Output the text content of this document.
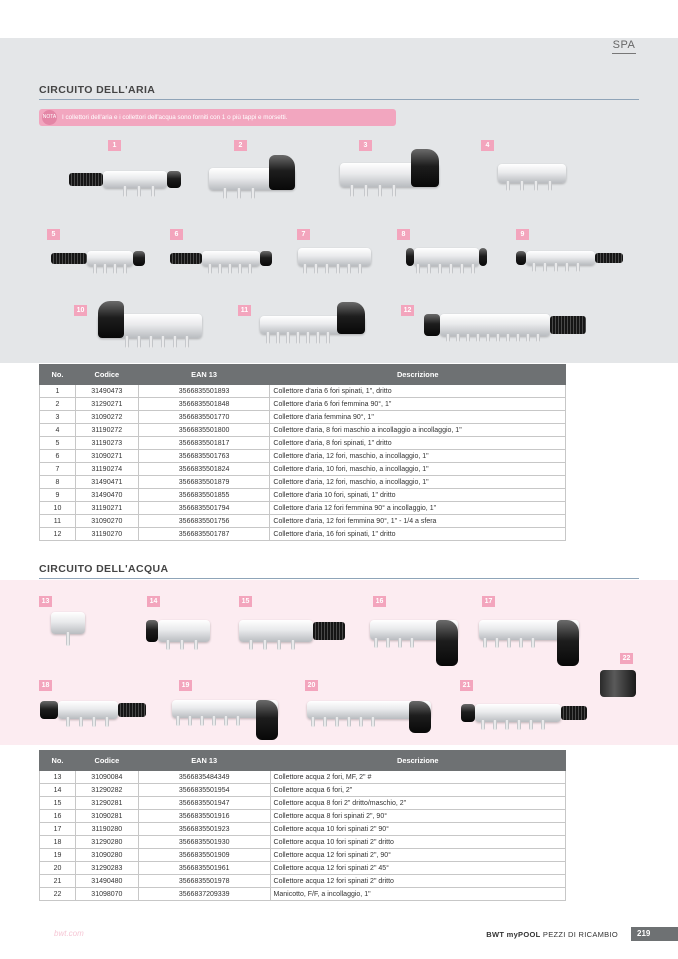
SPA
CIRCUITO DELL'ARIA
NOTA I collettori dell'aria e i collettori dell'acqua sono forniti con 1 o più tappi e morsetti.
1	2	3	4
5	6	7	8	9
10	11	12
No.	Codice	EAN 13	Descrizione
1	31490473	3566835501893	Collettore d'aria 6 fori spinati, 1", dritto
2	31290271	3566835501848	Collettore d'aria 6 fori femmina 90°, 1"
3	31090272	3566835501770	Collettore d'aria femmina 90°, 1"
4	31190272	3566835501800	Collettore d'aria, 8 fori maschio a incollaggio a incollaggio, 1"
5	31190273	3566835501817	Collettore d'aria, 8 fori spinati, 1" dritto
6	31090271	3566835501763	Collettore d'aria, 12 fori, maschio, a incollaggio, 1"
7	31190274	3566835501824	Collettore d'aria, 10 fori, maschio, a incollaggio, 1"
8	31490471	3566835501879	Collettore d'aria, 12 fori, maschio, a incollaggio, 1"
9	31490470	3566835501855	Collettore d'aria 10 fori, spinati, 1" dritto
10	31190271	3566835501794	Collettore d'aria 12 fori femmina 90° a incollaggio, 1"
11	31090270	3566835501756	Collettore d'aria, 12 fori femmina 90°, 1" - 1/4 a sfera
12	31190270	3566835501787	Collettore d'aria, 16 fori spinati, 1" dritto
CIRCUITO DELL'ACQUA
13	14	15	16	17
18	19	20	21
22
No.	Codice	EAN 13	Descrizione
13	31090084	3566835484349	Collettore acqua 2 fori, MF, 2" #
14	31290282	3566835501954	Collettore acqua 6 fori, 2"
15	31290281	3566835501947	Collettore acqua 8 fori 2" dritto/maschio, 2"
16	31090281	3566835501916	Collettore acqua 8 fori spinati 2", 90°
17	31190280	3566835501923	Collettore acqua 10 fori spinati 2" 90°
18	31290280	3566835501930	Collettore acqua 10 fori spinati 2" dritto
19	31090280	3566835501909	Collettore acqua 12 fori spinati 2", 90°
20	31290283	3566835501961	Collettore acqua 12 fori spinati 2" 45°
21	31490480	3566835501978	Collettore acqua 12 fori spinati 2" dritto
22	31098070	3566837209339	Manicotto, F/F, a incollaggio, 1"
bwt.com	BWT myPOOL PEZZI DI RICAMBIO	219
